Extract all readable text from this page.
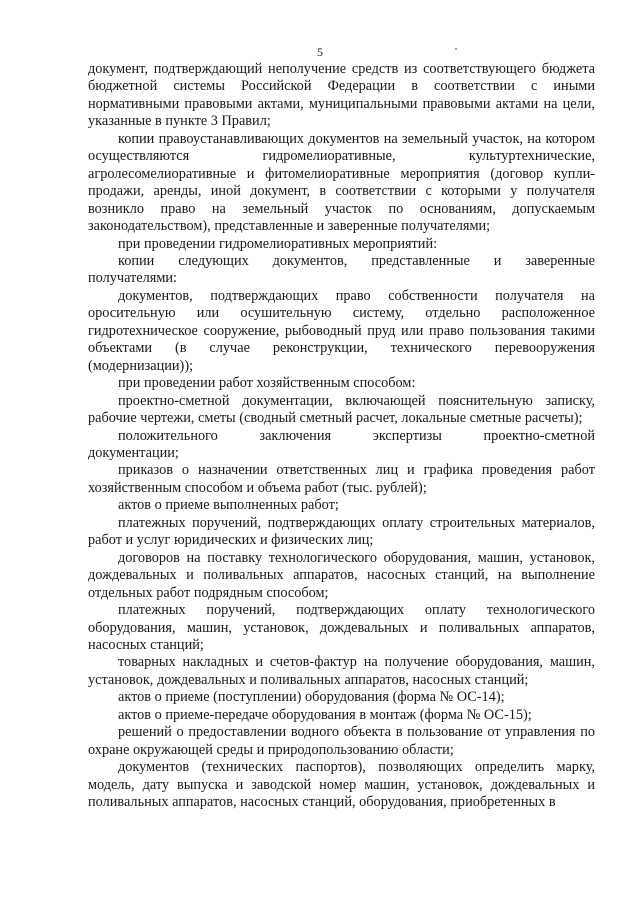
5

документ, подтверждающий неполучение средств из соответствующего бюджета бюджетной системы Российской Федерации в соответствии с иными нормативными правовыми актами, муниципальными правовыми актами на цели, указанные в пункте 3 Правил;

копии правоустанавливающих документов на земельный участок, на котором осуществляются гидромелиоративные, культуртехнические, агролесомелиоративные и фитомелиоративные мероприятия (договор купли-продажи, аренды, иной документ, в соответствии с которыми у получателя возникло право на земельный участок по основаниям, допускаемым законодательством), представленные и заверенные получателями;

при проведении гидромелиоративных мероприятий:

копии следующих документов, представленные и заверенные получателями:

документов, подтверждающих право собственности получателя на оросительную или осушительную систему, отдельно расположенное гидротехническое сооружение, рыбоводный пруд или право пользования такими объектами (в случае реконструкции, технического перевооружения (модернизации));

при проведении работ хозяйственным способом:

проектно-сметной документации, включающей пояснительную записку, рабочие чертежи, сметы (сводный сметный расчет, локальные сметные расчеты);

положительного заключения экспертизы проектно-сметной документации;

приказов о назначении ответственных лиц и графика проведения работ хозяйственным способом и объема работ (тыс. рублей);

актов о приеме выполненных работ;

платежных поручений, подтверждающих оплату строительных материалов, работ и услуг юридических и физических лиц;

договоров на поставку технологического оборудования, машин, установок, дождевальных и поливальных аппаратов, насосных станций, на выполнение отдельных работ подрядным способом;

платежных поручений, подтверждающих оплату технологического оборудования, машин, установок, дождевальных и поливальных аппаратов, насосных станций;

товарных накладных и счетов-фактур на получение оборудования, машин, установок, дождевальных и поливальных аппаратов, насосных станций;

актов о приеме (поступлении) оборудования (форма № ОС-14);

актов о приеме-передаче оборудования в монтаж (форма № ОС-15);

решений о предоставлении водного объекта в пользование от управления по охране окружающей среды и природопользованию области;

документов (технических паспортов), позволяющих определить марку, модель, дату выпуска и заводской номер машин, установок, дождевальных и поливальных аппаратов, насосных станций, оборудования, приобретенных в
